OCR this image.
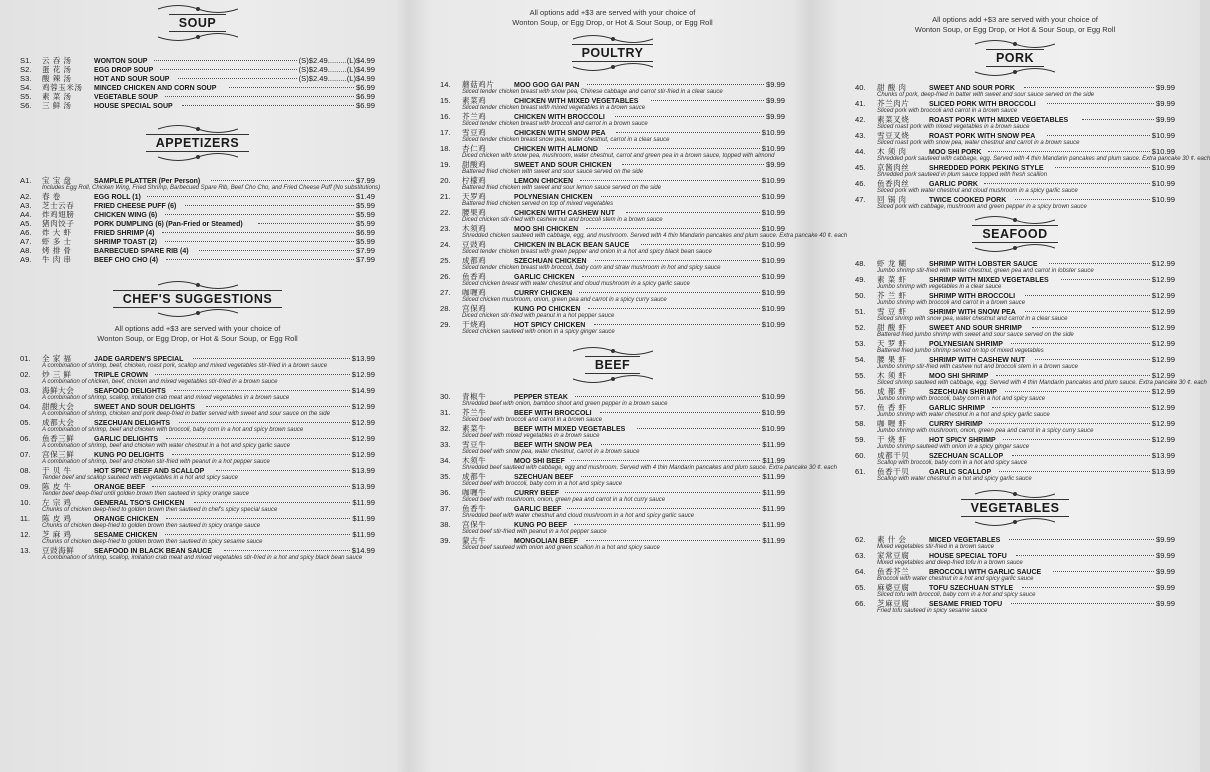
SOUP
S1.	云 吞 汤	WONTON SOUP	(S)$2.49.........(L)$4.99
S2.	蛋 花 汤	EGG DROP SOUP	(S)$2.49.........(L)$4.99
S3.	酸 辣 汤	HOT AND SOUR SOUP	(S)$2.49.........(L)$4.99
S4.	鸡蓉玉米汤	MINCED CHICKEN AND CORN SOUP	$6.99
S5.	素 菜 汤	VEGETABLE SOUP	$6.99
S6.	三 鲜 汤	HOUSE SPECIAL SOUP	$6.99
APPETIZERS
A1.	宝 宝 盘	SAMPLE PLATTER (Per Person)	$7.99
Includes Egg Roll, Chicken Wing, Fried Shrimp, Barbecued Spare Rib, Beef Cho Cho, and Fried Cheese Puff (No substitutions)
A2.	春 卷	EGG ROLL (1)	$1.49
A3.	芝士云吞	FRIED CHEESE PUFF (6)	$5.99
A4.	炸鸡翅膀	CHICKEN WING (6)	$5.99
A5.	猪肉饺子	PORK DUMPLING (6) (Pan-Fried or Steamed)	$5.99
A6.	炸 大 虾	FRIED SHRIMP (4)	$6.99
A7.	虾 多 士	SHRIMP TOAST (2)	$5.99
A8.	烤 排 骨	BARBECUED SPARE RIB (4)	$7.99
A9.	牛 肉 串	BEEF CHO CHO (4)	$7.99
CHEF'S SUGGESTIONS
All options add +$3 are served with your choice of
Wonton Soup, or Egg Drop, or Hot & Sour Soup, or Egg Roll
01.	全 家 福	JADE GARDEN'S SPECIAL	$13.99
A combination of shrimp, beef, chicken, roast pork, scallop and mixed vegetables stir-fried in a brown sauce
02.	炒 三 鲜	TRIPLE CROWN	$12.99
A combination of chicken, beef, chicken and mixed vegetables stir-fried in a brown sauce
03.	海鲜大会	SEAFOOD DELIGHTS	$14.99
A combination of shrimp, scallop, imitation crab meat and mixed vegetables in a brown sauce
04.	甜酸大会	SWEET AND SOUR DELIGHTS	$12.99
A combination of shrimp, chicken and pork deep-fried in batter served with sweet and sour sauce on the side
05.	成都大会	SZECHUAN DELIGHTS	$12.99
A combination of shrimp, beef and chicken with broccoli, baby corn in a hot and spicy brown sauce
06.	鱼香三鲜	GARLIC DELIGHTS	$12.99
A combination of shrimp, beef and chicken with water chestnut in a hot and spicy garlic sauce
07.	宫保三鲜	KUNG PO DELIGHTS	$12.99
A combination of shrimp, beef and chicken stir-fried with peanut in a hot pepper sauce
08.	干 贝 牛	HOT SPICY BEEF AND SCALLOP	$13.99
Tender beef and scallop sauteed with vegetables in a hot and spicy sauce
09.	陈 皮 牛	ORANGE BEEF	$13.99
Tender beef deep-fried until golden brown then sauteed in spicy orange sauce
10.	左 宗 鸡	GENERAL TSO'S CHICKEN	$11.99
Chunks of chicken deep-fried to golden brown then sauteed in chef's spicy special sauce
11.	陈 皮 鸡	ORANGE CHICKEN	$11.99
Chunks of chicken deep-fried to golden brown then sauteed in spicy orange sauce
12.	芝 麻 鸡	SESAME CHICKEN	$11.99
Chunks of chicken deep-fried to golden brown then sauteed in spicy sesame sauce
13.	豆豉海鲜	SEAFOOD IN BLACK BEAN SAUCE	$14.99
A combination of shrimp, scallop, imitation crab meat and mixed vegetables stir-fried in a hot and spicy black bean sauce
All options add +$3 are served with your choice of
Wonton Soup, or Egg Drop, or Hot & Sour Soup, or Egg Roll
POULTRY
14.	蘑菇鸡片	MOO GOO GAI PAN	$9.99
Sliced tender chicken breast with snow pea, Chinese cabbage and carrot stir-fried in a clear sauce
15.	素菜鸡	CHICKEN WITH MIXED VEGETABLES	$9.99
Sliced tender chicken breast with mixed vegetables in a brown sauce
16.	芥兰鸡	CHICKEN WITH BROCCOLI	$9.99
Sliced tender chicken breast with broccoli and carrot in a brown sauce
17.	雪豆鸡	CHICKEN WITH SNOW PEA	$10.99
Sliced tender chicken breast snow pea, water chestnut, carrot in a clear sauce
18.	杏仁鸡	CHICKEN WITH ALMOND	$10.99
Diced chicken with snow pea, mushroom, water chestnut, carrot and green pea in a brown sauce, topped with almond
19.	甜酸鸡	SWEET AND SOUR CHICKEN	$9.99
Battered fried chicken with sweet and sour sauce served on the side
20.	柠檬鸡	LEMON CHICKEN	$10.99
Battered fried chicken with sweet and sour lemon sauce served on the side
21.	天罗鸡	POLYNESIAN CHICKEN	$10.99
Battered fried chicken served on top of mixed vegetables
22.	腰果鸡	CHICKEN WITH CASHEW NUT	$10.99
Diced chicken stir-fried with cashew nut and broccoli stem in a brown sauce
23.	木须鸡	MOO SHI CHICKEN	$10.99
Shredded chicken sauteed with cabbage, egg, and mushroom. Served with 4 thin Mandarin pancakes and plum sauce. Extra pancake 40 ¢. each
24.	豆豉鸡	CHICKEN IN BLACK BEAN SAUCE	$10.99
Sliced tender chicken breast with green pepper and onion in a hot and spicy black bean sauce
25.	成都鸡	SZECHUAN CHICKEN	$10.99
Sliced tender chicken breast with broccoli, baby corn and straw mushroom in hot and spicy sauce
26.	鱼香鸡	GARLIC CHICKEN	$10.99
Sliced chicken breast with water chestnut and cloud mushroom in a spicy garlic sauce
27.	咖喱鸡	CURRY CHICKEN	$10.99
Sliced chicken mushroom, onion, green pea and carrot in a spicy curry sauce
28.	宫保鸡	KUNG PO CHICKEN	$10.99
Diced chicken stir-fried with peanut in a hot pepper sauce
29.	干烧鸡	HOT SPICY CHICKEN	$10.99
Sliced chicken sauteed with onion in a spicy ginger sauce
BEEF
30.	青椒牛	PEPPER STEAK	$10.99
Shredded beef with onion, bamboo shoot and green pepper in a brown sauce
31.	芥兰牛	BEEF WITH BROCCOLI	$10.99
Sliced beef with broccoli and carrot in a brown sauce
32.	素菜牛	BEEF WITH MIXED VEGETABLES	$10.99
Sliced beef with mixed vegetables in a brown sauce
33.	雪豆牛	BEEF WITH SNOW PEA	$11.99
Sliced beef with snow pea, water chestnut, carrot in a brown sauce
34.	木须牛	MOO SHI BEEF	$11.99
Shredded beef sauteed with cabbage, egg and mushroom. Served with 4 thin Mandarin pancakes and plum sauce. Extra pancake 30 ¢. each
35.	成都牛	SZECHUAN BEEF	$11.99
Sliced beef with broccoli, baby corn in a hot and spicy sauce
36.	咖喱牛	CURRY BEEF	$11.99
Sliced beef with mushroom, onion, green pea and carrot in a hot curry sauce
37.	鱼香牛	GARLIC BEEF	$11.99
Shredded beef with water chestnut and cloud mushroom in a hot and spicy garlic sauce
38.	宫保牛	KUNG PO BEEF	$11.99
Sliced beef stir-fried with peanut in a hot pepper sauce
39.	蒙古牛	MONGOLIAN BEEF	$11.99
Sliced beef sauteed with onion and green scallion in a hot and spicy sauce
All options add +$3 are served with your choice of
Wonton Soup, or Egg Drop, or Hot & Sour Soup, or Egg Roll
PORK
40.	甜 酸 肉	SWEET AND SOUR PORK	$9.99
Chunks of pork, deep-fried in batter with sweet and sour sauce served on the side
41.	芥兰肉片	SLICED PORK WITH BROCCOLI	$9.99
Sliced pork with broccoli and carrot in a brown sauce
42.	素菜叉烧	ROAST PORK WITH MIXED VEGETABLES	$9.99
Sliced roast pork with mixed vegetables in a brown sauce
43.	雪豆叉烧	ROAST PORK WITH SNOW PEA	$10.99
Sliced roast pork with snow pea, water chestnut and carrot in a brown sauce
44.	木 须 肉	MOO SHI PORK	$10.99
Shredded pork sauteed with cabbage, egg. Served with 4 thin Mandarin pancakes and plum sauce. Extra pancake 30 ¢. each
45.	京酱肉丝	SHREDDED PORK PEKING STYLE	$10.99
Shredded pork sauteed in plum sauce topped with fresh scallion
46.	鱼香肉丝	GARLIC PORK	$10.99
Sliced pork with water chestnut and cloud mushroom in a spicy garlic sauce
47.	回 锅 肉	TWICE COOKED PORK	$10.99
Sliced pork with cabbage, mushroom and green pepper in a spicy brown sauce
SEAFOOD
48.	虾 龙 糊	SHRIMP WITH LOBSTER SAUCE	$12.99
Jumbo shrimp stir-fried with water chestnut, green pea and carrot in lobster sauce
49.	素 菜 虾	SHRIMP WITH MIXED VEGETABLES	$12.99
Jumbo shrimp with vegetables in a clear sauce
50.	芥 兰 虾	SHRIMP WITH BROCCOLI	$12.99
Jumbo shrimp with broccoli and carrot in a brown sauce
51.	雪 豆 虾	SHRIMP WITH SNOW PEA	$12.99
Sliced shrimp with snow pea, water chestnut and carrot in a clear sauce
52.	甜 酸 虾	SWEET AND SOUR SHRIMP	$12.99
Battered fried jumbo shrimp with sweet and sour sauce served on the side
53.	天 罗 虾	POLYNESIAN SHRIMP	$12.99
Battered fried jumbo shrimp served on top of mixed vegetables
54.	腰 果 虾	SHRIMP WITH CASHEW NUT	$12.99
Jumbo shrimp stir-fried with cashew nut and broccoli stem in a brown sauce
55.	木 须 虾	MOO SHI SHRIMP	$12.99
Sliced shrimp sauteed with cabbage, egg. Served with 4 thin Mandarin pancakes and plum sauce. Extra pancake 30 ¢. each
56.	成 都 虾	SZECHUAN SHRIMP	$12.99
Jumbo shrimp with broccoli, baby corn in a hot and spicy sauce
57.	鱼 香 虾	GARLIC SHRIMP	$12.99
Jumbo shrimp with water chestnut in a hot and spicy garlic sauce
58.	咖 喱 虾	CURRY SHRIMP	$12.99
Jumbo shrimp with mushroom, onion, green pea and carrot in a spicy curry sauce
59.	干 烧 虾	HOT SPICY SHRIMP	$12.99
Jumbo shrimp sauteed with onion in a spicy ginger sauce
60.	成都干贝	SZECHUAN SCALLOP	$13.99
Scallop with broccoli, baby corn in a hot and spicy sauce
61.	鱼香干贝	GARLIC SCALLOP	$13.99
Scallop with water chestnut in a hot and spicy garlic sauce
VEGETABLES
62.	素 什 会	MICED VEGETABLES	$9.99
Mixed vegetables stir-fried in a brown sauce
63.	家常豆腐	HOUSE SPECIAL TOFU	$9.99
Mixed vegetables and deep-fried tofu in a brown sauce
64.	鱼香芥兰	BROCCOLI WITH GARLIC SAUCE	$9.99
Broccoli with water chestnut in a hot and spicy garlic sauce
65.	麻婆豆腐	TOFU SZECHUAN STYLE	$9.99
Sliced tofu with broccoli, baby corn in a hot and spicy sauce
66.	芝麻豆腐	SESAME FRIED TOFU	$9.99
Fried tofu sauteed in spicy sesame sauce
